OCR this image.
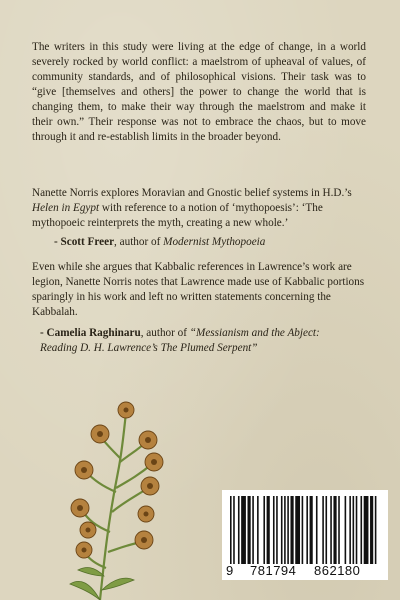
The writers in this study were living at the edge of change, in a world severely rocked by world conflict: a maelstrom of upheaval of values, of community standards, and of philosophical visions. Their task was to “give [themselves and others] the power to change the world that is changing them, to make their way through the maelstrom and make it their own.” Their response was not to embrace the chaos, but to move through it and re-establish limits in the broader beyond.
Nanette Norris explores Moravian and Gnostic belief systems in H.D.’s Helen in Egypt with reference to a notion of ‘mythopoesis’: ‘The mythopoeic reinterprets the myth, creating a new whole.’
- Scott Freer, author of Modernist Mythopoeia
Even while she argues that Kabbalic references in Lawrence’s work are legion, Nanette Norris notes that Lawrence made use of Kabbalic portions sparingly in his work and left no written statements concerning the Kabbalah.
- Camelia Raghinaru, author of “Messianism and the Abject:
Reading D. H. Lawrence’s The Plumed Serpent”
9 781794 862180
